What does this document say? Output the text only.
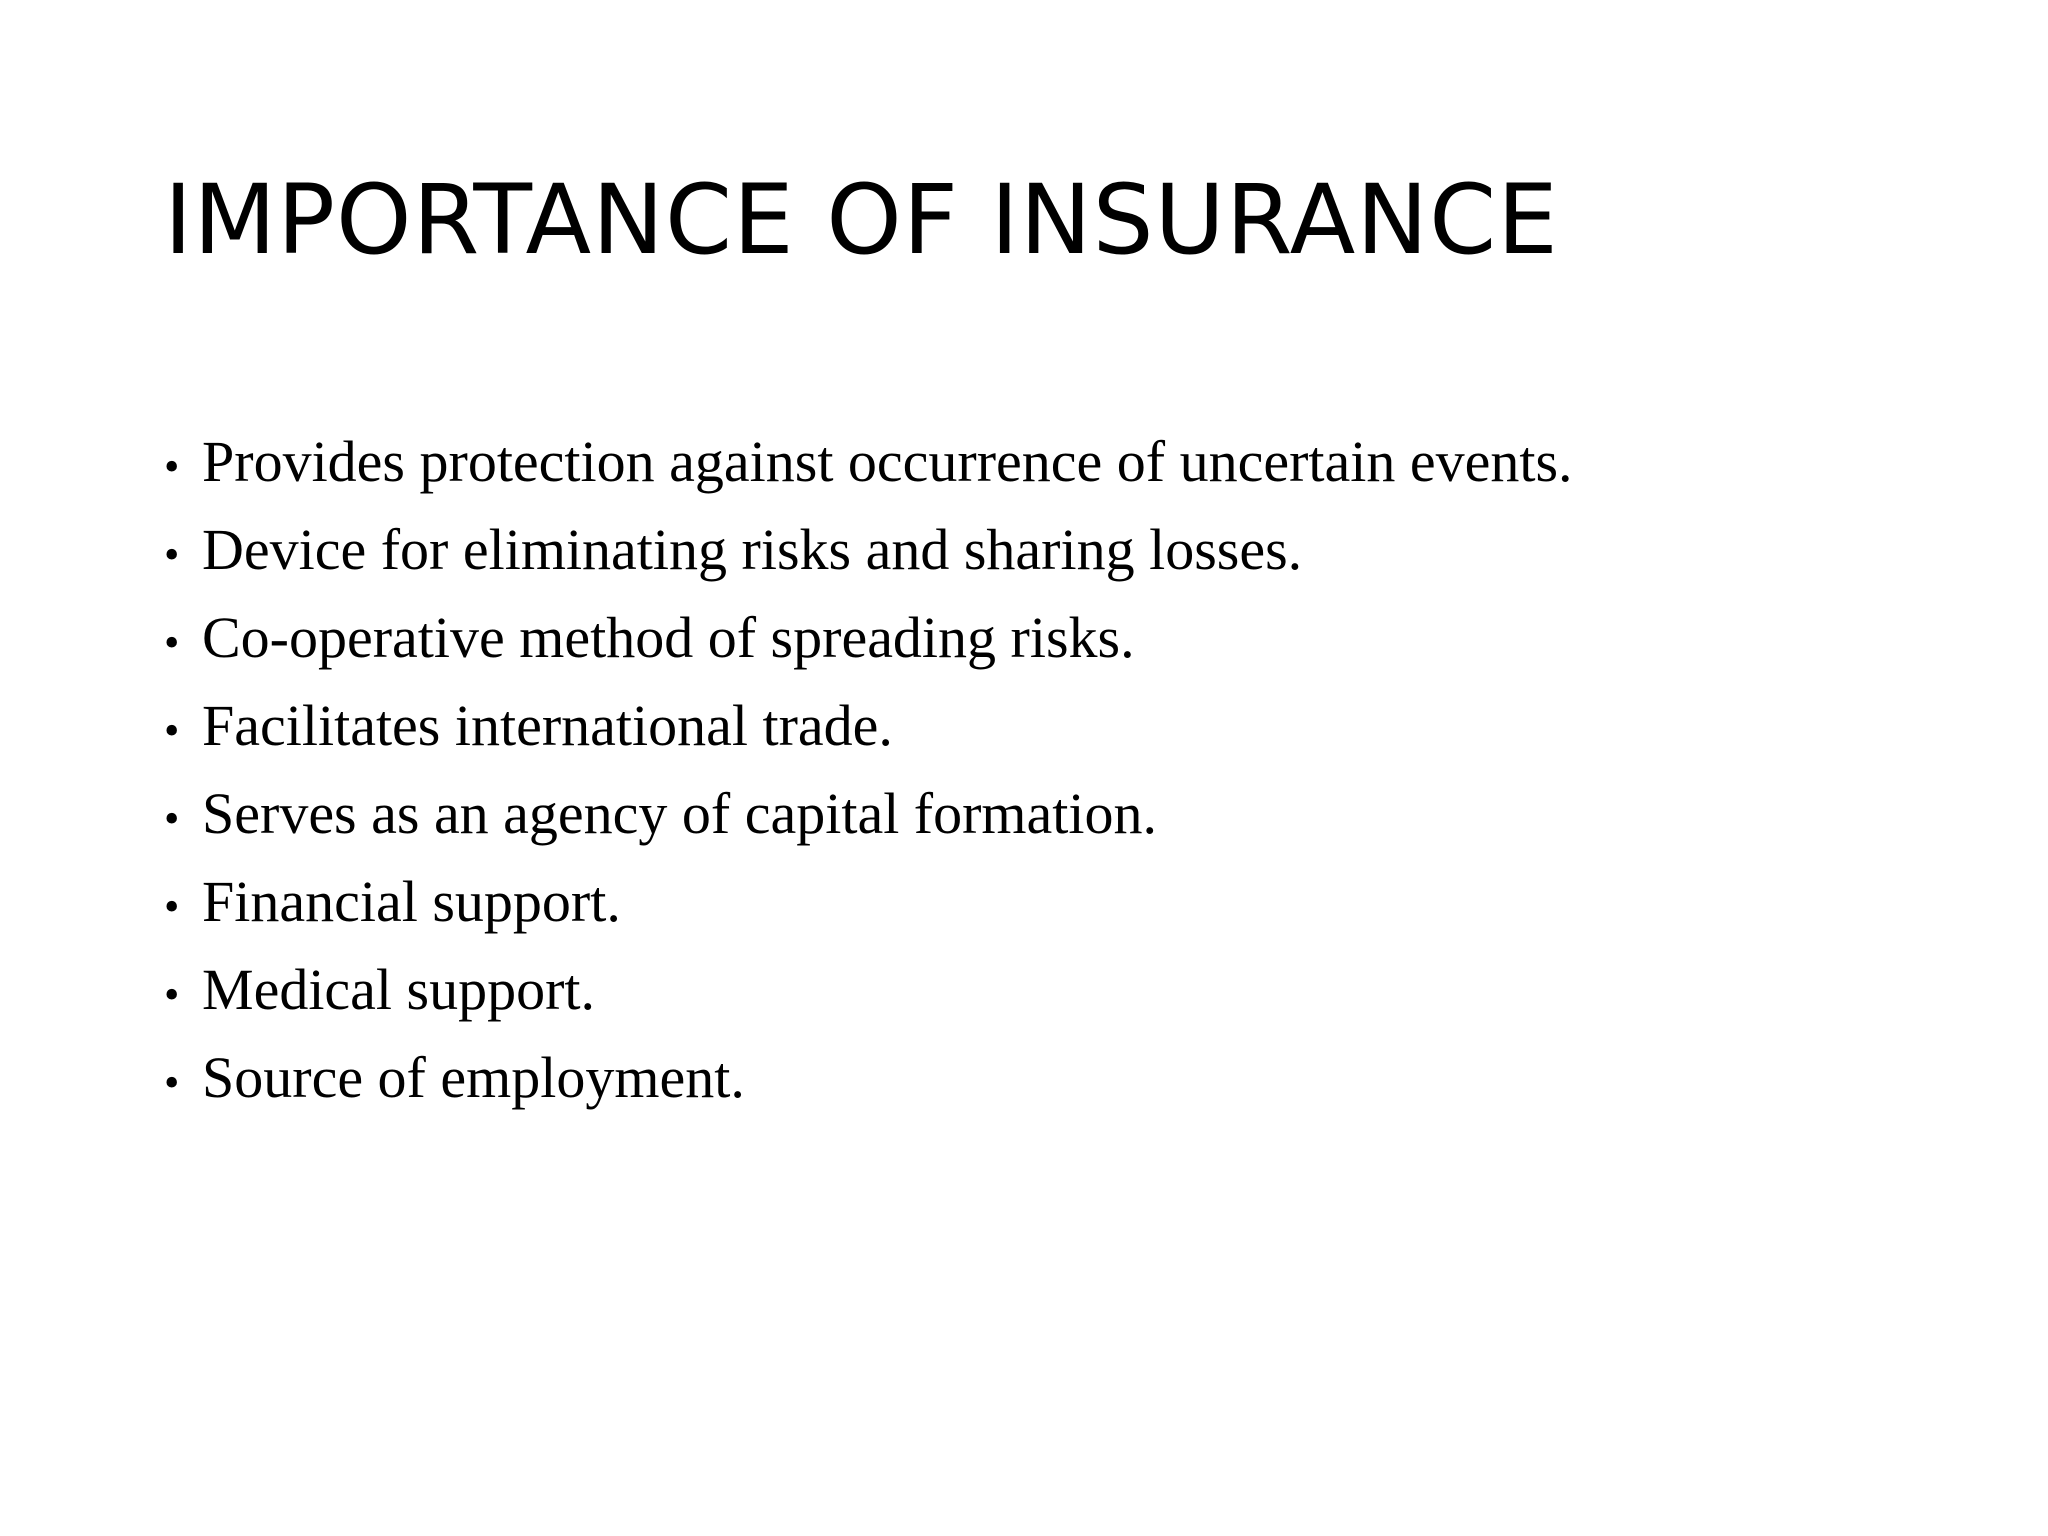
IMPORTANCE OF INSURANCE
• Provides protection against occurrence of uncertain events.
• Device for eliminating risks and sharing losses.
• Co-operative method of spreading risks.
• Facilitates international trade.
• Serves as an agency of capital formation.
• Financial support.
• Medical support.
• Source of employment.
